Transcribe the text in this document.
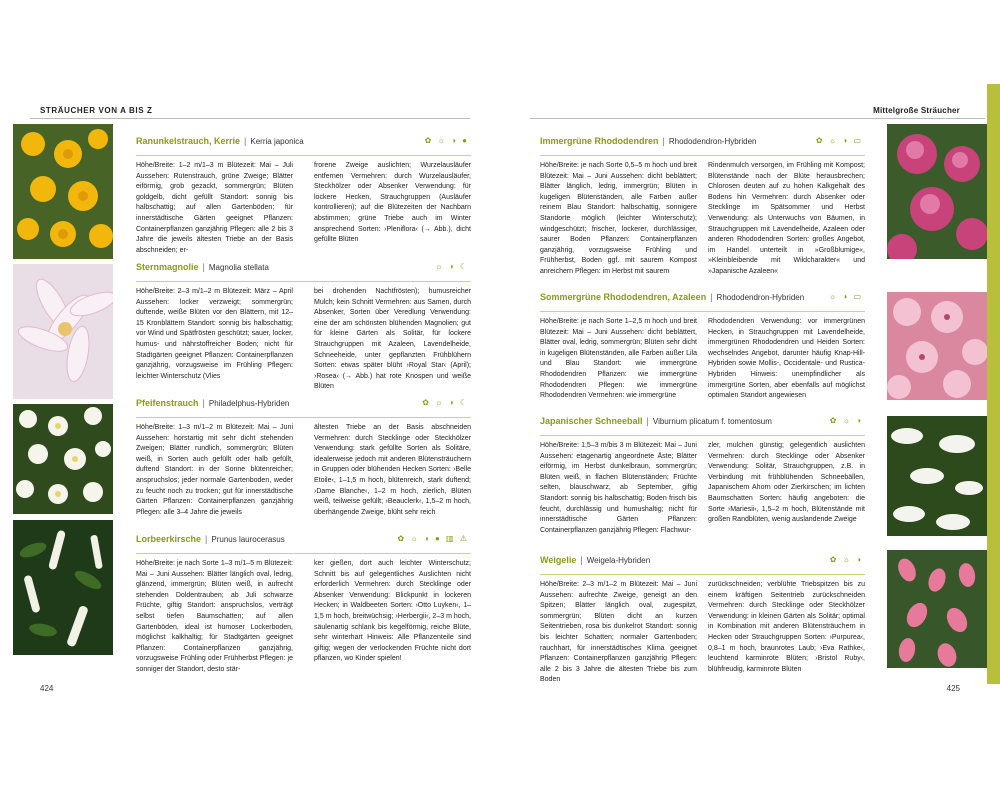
STRÄUCHER VON A BIS Z
Ranunkelstrauch, Kerrie | Kerria japonica	✿ ☼ ◑ ●
Höhe/Breite: 1–2 m/1–3 m Blütezeit: Mai – Juli Aussehen: Rutenstrauch, grüne Zweige; Blätter eiförmig, grob gezackt, sommergrün; Blüten goldgelb, dicht gefüllt Standort: sonnig bis halbschattig; auf allen Gartenböden; für innerstädtische Gärten geeignet Pflanzen: Containerpflanzen ganzjährig Pflegen: alle 2 bis 3 Jahre die jeweils ältesten Triebe an der Basis abschneiden; er-
frorene Zweige auslichten; Wurzelausläufer entfernen Vermehren: durch Wurzelausläufer, Steckhölzer oder Absenker Verwendung: für lockere Hecken, Strauchgruppen (Ausläufer kontrollieren); auf die Blütezeiten der Nachbarn abstimmen; grüne Triebe auch im Winter ansprechend Sorten: ›Pleniflora‹ (→ Abb.), dicht gefüllte Blüten
Sternmagnolie | Magnolia stellata	☼ ◑ ☾
Höhe/Breite: 2–3 m/1–2 m Blütezeit: März – April Aussehen: locker verzweigt; sommergrün; duftende, weiße Blüten vor den Blättern, mit 12–15 Kronblättern Standort: sonnig bis halbschattig; vor Wind und Spätfrösten geschützt; sauer, locker, humus- und nährstoffreicher Boden; nicht für Stadtgärten geeignet Pflanzen: Containerpflanzen ganzjährig, vorzugsweise im Frühling Pflegen: leichter Winterschutz (Vlies
bei drohenden Nachtfrösten); humusreicher Mulch; kein Schnitt Vermehren: aus Samen, durch Absenker, Sorten über Veredlung Verwendung: eine der am schönsten blühenden Magnolien; gut für kleine Gärten als Solitär, für lockere Strauchgruppen mit Azaleen, Lavendelheide, Schneeheide, unter gepflanzten Frühblühern Sorten: etwas später blüht ›Royal Star‹ (April); ›Rosea‹ (→ Abb.) hat rote Knospen und weiße Blüten
Pfeifenstrauch | Philadelphus-Hybriden	✿ ☼ ◑ ☾
Höhe/Breite: 1–3 m/1–2 m Blütezeit: Mai – Juni Aussehen: horstartig mit sehr dicht stehenden Zweigen; Blätter rundlich, sommergrün; Blüten weiß, in Sorten auch gefüllt oder halb gefüllt, duftend Standort: in der Sonne blütenreicher; anspruchslos; jeder normale Gartenboden, weder zu feucht noch zu trocken; gut für innerstädtische Gärten Pflanzen: Containerpflanzen ganzjährig Pflegen: alle 3–4 Jahre die jeweils
ältesten Triebe an der Basis abschneiden Vermehren: durch Stecklinge oder Steckhölzer Verwendung: stark gefüllte Sorten als Solitäre, idealerweise jedoch mit anderen Blütensträuchern in Gruppen oder blühenden Hecken Sorten: ›Belle Etoile‹, 1–1,5 m hoch, blütenreich, stark duftend; ›Dame Blanche‹, 1–2 m hoch, zierlich, Blüten weiß, teilweise gefüllt; ›Beauclerk‹, 1,5–2 m hoch, überhängende Zweige, blüht sehr reich
Lorbeerkirsche | Prunus laurocerasus	✿ ☼ ◑ ● ▥ ⚠
Höhe/Breite: je nach Sorte 1–3 m/1–5 m Blütezeit: Mai – Juni Aussehen: Blätter länglich oval, ledrig, glänzend, immergrün; Blüten weiß, in aufrecht stehenden Doldentrauben; ab Juli schwarze Früchte, giftig Standort: anspruchslos, verträgt selbst tiefen Baumschatten; auf allen Gartenböden, ideal ist humoser Lockerboden, möglichst kalkhaltig; für Stadtgärten geeignet Pflanzen: Containerpflanzen ganzjährig, vorzugsweise Frühling oder Frühherbst Pflegen: je sonniger der Standort, desto stär-
ker gießen, dort auch leichter Winterschutz; Schnitt bis auf gelegentliches Auslichten nicht erforderlich Vermehren: durch Stecklinge oder Absenker Verwendung: Blickpunkt in lockeren Hecken; in Waldbeeten Sorten: ›Otto Luyken‹, 1–1,5 m hoch, breitwüchsig; ›Herbergii‹, 2–3 m hoch, säulenartig schlank bis kegelförmig, reiche Blüte, sehr winterhart Hinweis: Alle Pflanzenteile sind giftig; wegen der verlockenden Früchte nicht dort pflanzen, wo Kinder spielen!
424
Mittelgroße Sträucher
Immergrüne Rhododendren | Rhododendron-Hybriden	✿ ☼ ◑ ▭
Höhe/Breite: je nach Sorte 0,5–5 m hoch und breit Blütezeit: Mai – Juni Aussehen: dicht beblättert; Blätter länglich, ledrig, immergrün; Blüten in kugeligen Blütenständen, alle Farben außer reinem Blau Standort: halbschattig, sonnigere Standorte möglich (leichter Winterschutz); windgeschützt; frischer, lockerer, durchlässiger, saurer Boden Pflanzen: Containerpflanzen ganzjährig, vorzugsweise Frühling und Frühherbst, Boden ggf. mit saurem Kompost anreichern Pflegen: im Herbst mit saurem
Rindenmulch versorgen, im Frühling mit Kompost; Blütenstände nach der Blüte herausbrechen; Chlorosen deuten auf zu hohen Kalkgehalt des Bodens hin Vermehren: durch Absenker oder Stecklinge im Spätsommer und Herbst Verwendung: als Unterwuchs von Bäumen, in Strauchgruppen mit Lavendelheide, Azaleen oder anderen Rhododendren Sorten: großes Angebot, im Handel unterteilt in »Großblumige«, »Kleinbleibende mit Wildcharakter« und »Japanische Azaleen«
Sommergrüne Rhododendren, Azaleen | Rhododendron-Hybriden	☼ ◑ ▭
Höhe/Breite: je nach Sorte 1–2,5 m hoch und breit Blütezeit: Mai – Juni Aussehen: dicht beblättert, Blätter oval, ledrig, sommergrün; Blüten sehr dicht in kugeligen Blütenständen, alle Farben außer Lila und Blau Standort: wie immergrüne Rhododendren Pflanzen: wie immergrüne Rhododendren Pflegen: wie immergrüne Rhododendren Vermehren: wie immergrüne
Rhododendren Verwendung: vor immergrünen Hecken, in Strauchgruppen mit Lavendelheide, immergrünen Rhododendren und Heiden Sorten: wechselndes Angebot, darunter häufig Knap-Hill-Hybriden sowie Mollis-, Occidentale- und Rustica-Hybriden Hinweis: unempfindlicher als immergrüne Sorten, aber ebenfalls auf möglichst optimalen Standort angewiesen
Japanischer Schneeball | Viburnum plicatum f. tomentosum	✿ ☼ ◑
Höhe/Breite: 1,5–3 m/bis 3 m Blütezeit: Mai – Juni Aussehen: etagenartig angeordnete Äste; Blätter eiförmig, im Herbst dunkelbraun, sommergrün; Blüten weiß, in flachen Blütenständen; Früchte selten, blauschwarz, ab September, giftig Standort: sonnig bis halbschattig; Boden frisch bis feucht, durchlässig und humushaltig; nicht für innerstädtische Gärten Pflanzen: Containerpflanzen ganzjährig Pflegen: Flachwur-
zler, mulchen günstig; gelegentlich auslichten Vermehren: durch Stecklinge oder Absenker Verwendung: Solitär, Strauchgruppen, z.B. in Verbindung mit frühblühenden Schneebällen, Japanischem Ahorn oder Zierkirschen; im lichten Baumschatten Sorten: häufig angeboten: die Sorte ›Mariesii‹, 1,5–2 m hoch, Blütenstände mit großen Randblüten, wenig auslandende Zweige
Weigelie | Weigela-Hybriden	✿ ☼ ◑
Höhe/Breite: 2–3 m/1–2 m Blütezeit: Mai – Juni Aussehen: aufrechte Zweige, geneigt an den Spitzen; Blätter länglich oval, zugespitzt, sommergrün; Blüten dicht an kurzen Seitentrieben, rosa bis dunkelrot Standort: sonnig bis leichter Schatten; normaler Gartenboden; rauchhart, für innerstädtisches Klima geeignet Pflanzen: Containerpflanzen ganzjährig Pflegen: alle 2 bis 3 Jahre die ältesten Triebe bis zum Boden
zurückschneiden; verblühte Triebspitzen bis zu einem kräftigen Seitentrieb zurückschneiden Vermehren: durch Stecklinge oder Steckhölzer Verwendung: in kleinen Gärten als Solitär; optimal in Kombination mit anderen Blütensträuchern in Hecken oder Strauchgruppen Sorten: ›Purpurea‹, 0,8–1 m hoch, braunrotes Laub; ›Eva Rathke‹, leuchtend karminrote Blüten; ›Bristol Ruby‹, blühfreudig, karminrote Blüten
425
